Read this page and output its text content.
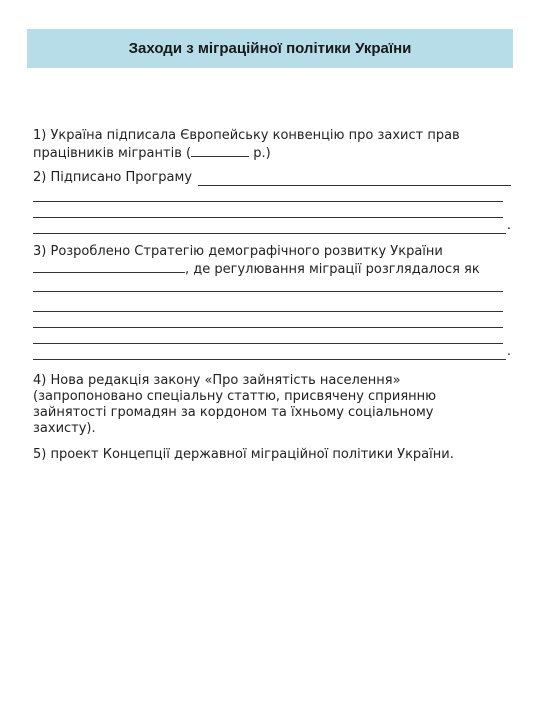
Заходи з міграційної політики України
1) Україна підписала Європейську конвенцію про захист прав
працівників мігрантів (	р.)
2) Підписано Програму
.
3) Розроблено Стратегію демографічного розвитку України
, де регулювання міграції розглядалося як
.
4) Нова редакція закону «Про зайнятість населення»
(запропоновано спеціальну статтю, присвячену сприянню
зайнятості громадян за кордоном та їхньому соціальному
захисту).
5) проект Концепції державної міграційної політики України.
